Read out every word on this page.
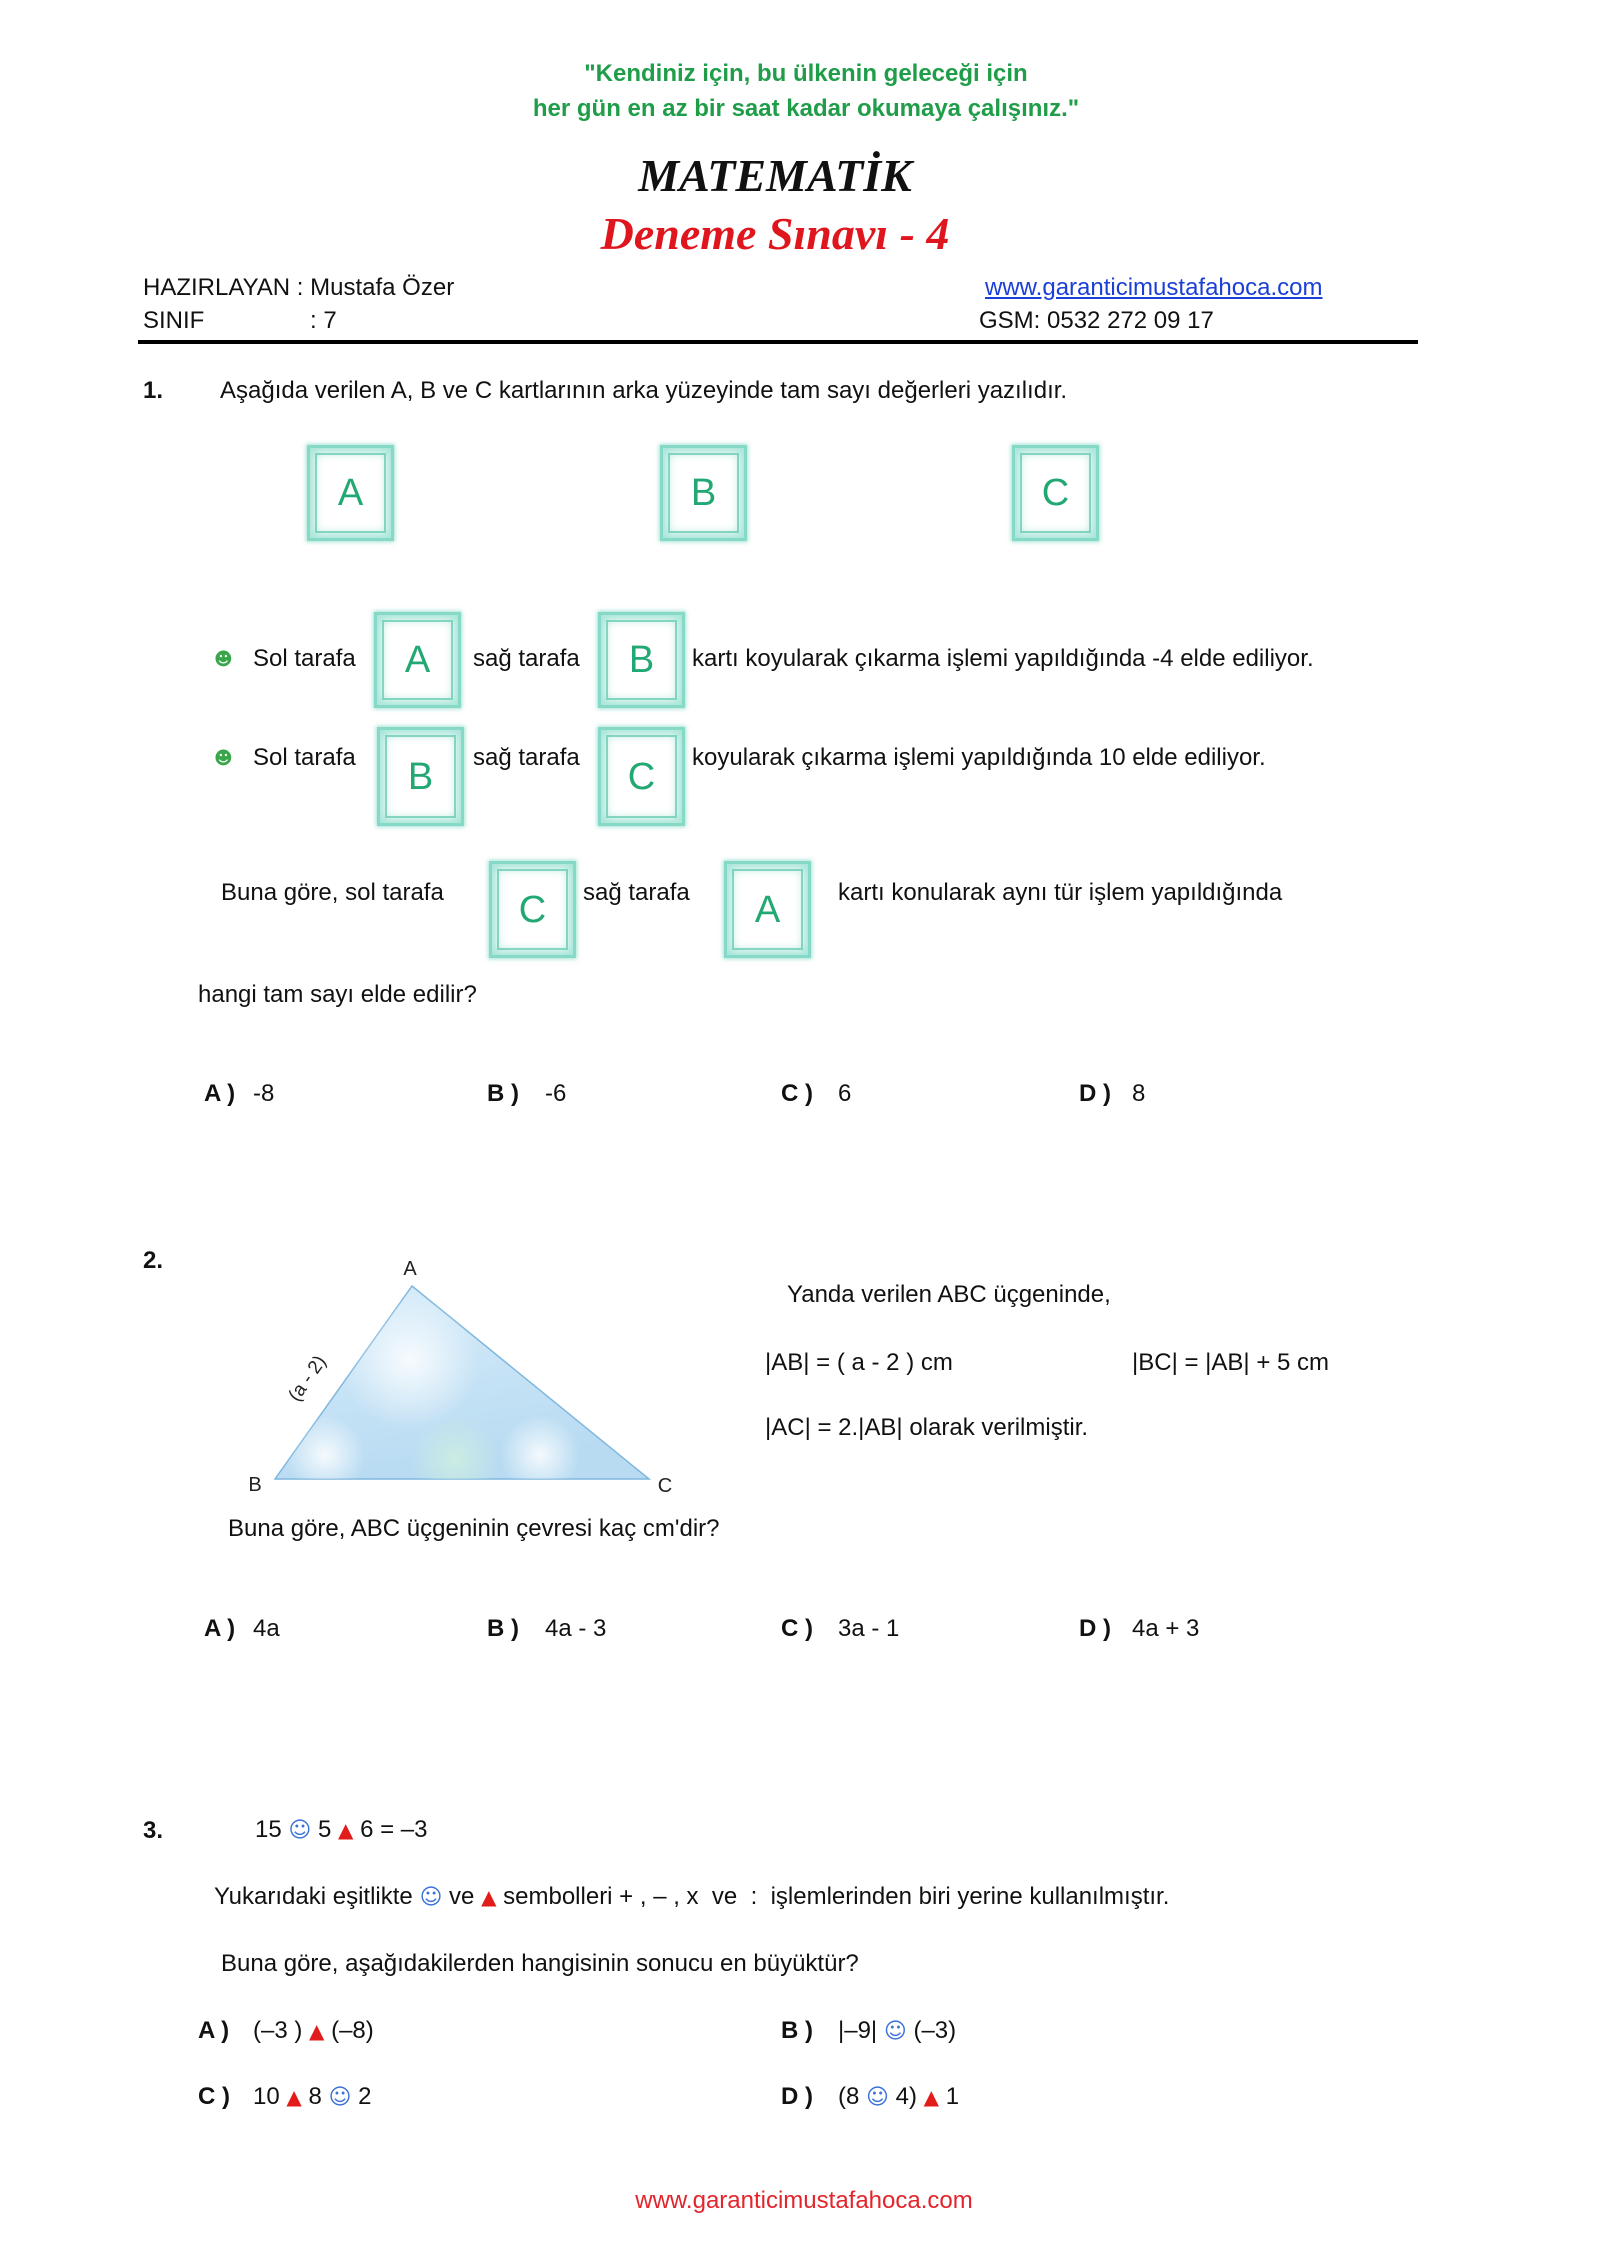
"Kendiniz için, bu ülkenin geleceği için
her gün en az bir saat kadar okumaya çalışınız."
MATEMATİK
Deneme Sınavı - 4
HAZIRLAYAN : Mustafa Özer
SINIF	: 7
www.garanticimustafahoca.com
GSM: 0532 272 09 17
1. Aşağıda verilen A, B ve C kartlarının arka yüzeyinde tam sayı değerleri yazılıdır.
A	B	C
☻ Sol tarafa	A	sağ tarafa	B	kartı koyularak çıkarma işlemi yapıldığında -4 elde ediliyor.
☻ Sol tarafa	B	sağ tarafa	C	koyularak çıkarma işlemi yapıldığında 10 elde ediliyor.
Buna göre, sol tarafa	C	sağ tarafa	A	kartı konularak aynı tür işlem yapıldığında
hangi tam sayı elde edilir?
A ) -8	B ) -6	C ) 6	D ) 8
2.	A
B	C
(a - 2)
Yanda verilen ABC üçgeninde,
|AB| = ( a - 2 ) cm	|BC| = |AB| + 5 cm
|AC| = 2.|AB| olarak verilmiştir.
Buna göre, ABC üçgeninin çevresi kaç cm'dir?
A ) 4a	B ) 4a - 3	C ) 3a - 1	D ) 4a + 3
3.	15 ☺ 5 ▲ 6 = –3
Yukarıdaki eşitlikte ☺ ve ▲ sembolleri + , – , x  ve  :  işlemlerinden biri yerine kullanılmıştır.
Buna göre, aşağıdakilerden hangisinin sonucu en büyüktür?
A ) (–3 ) ▲ (–8)	B ) |–9| ☺ (–3)
C ) 10 ▲ 8 ☺ 2	D ) (8 ☺ 4) ▲ 1
www.garanticimustafahoca.com
